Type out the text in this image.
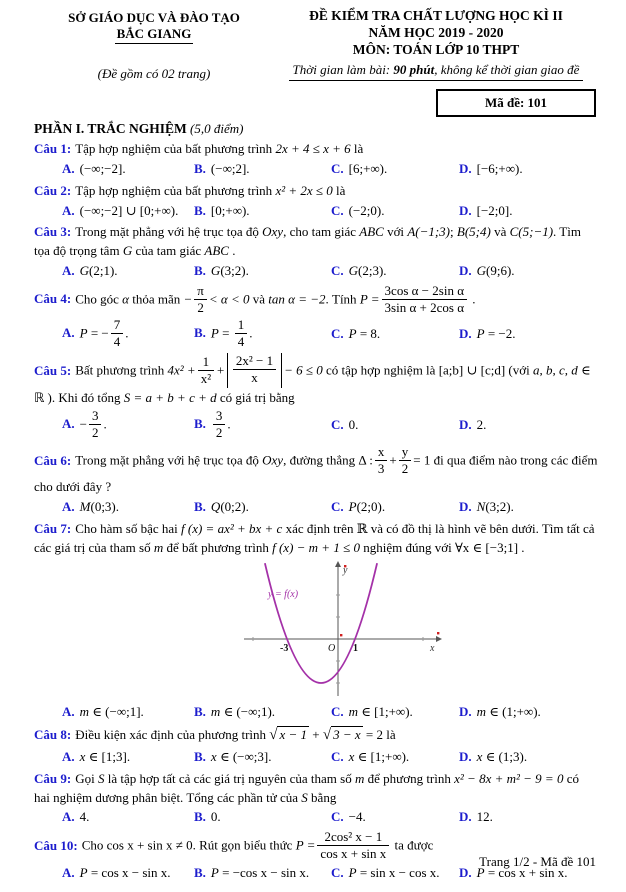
SỞ GIÁO DỤC VÀ ĐÀO TẠO
BẮC GIANG
(Đề gồm có 02 trang)
ĐỀ KIỂM TRA CHẤT LƯỢNG HỌC KÌ II
NĂM HỌC 2019 - 2020
MÔN: TOÁN LỚP 10 THPT
Thời gian làm bài: 90 phút, không kể thời gian giao đề
Mã đề: 101
PHẦN I. TRẮC NGHIỆM (5,0 điểm)

Câu 1: Tập hợp nghiệm của bất phương trình 2x + 4 ≤ x + 6 là

A. (−∞;−2].	B. (−∞;2].	C. [6;+∞).	D. [−6;+∞).

Câu 2: Tập hợp nghiệm của bất phương trình x² + 2x ≤ 0 là

A. (−∞;−2] ∪ [0;+∞).	B. [0;+∞).	C. (−2;0).	D. [−2;0].

Câu 3: Trong mặt phẳng với hệ trục tọa độ Oxy, cho tam giác ABC với A(−1;3); B(5;4) và C(5;−1). Tìm tọa độ trọng tâm G của tam giác ABC .

A. G(2;1).	B. G(3;2).	C. G(2;3).	D. G(9;6).

Câu 4: Cho góc α thỏa mãn − $\frac{\pi}{2} < \alpha < 0$ và tan α = −2. Tính $P = \frac{\text{3cos α − 2sin α}}{\text{3sin α + 2cos α}}$ .

A. P = − $\frac{7}{4}$ .	B. $P = \frac{1}{4}$ .	C. P = 8.	D. P = −2.

Câu 5: Bất phương trình $4x^2 + \frac{1}{\text{x²}} + \frac{\text{2x² − 1}}{x} - 6 \le 0$ có tập hợp nghiệm là [a;b] ∪ [c;d] (với a, b, c, d ∈ ℝ ). Khi đó tổng S = a + b + c + d có giá trị bằng

A. − $\frac{3}{2}$ .	B. $\frac{3}{2}$ .	C. 0.	D. 2.

Câu 6: Trong mặt phẳng với hệ trục tọa độ Oxy, đường thẳng Δ : $\frac{x}{3} + \frac{y}{2} = 1$ đi qua điểm nào trong các điểm cho dưới đây ?

A. M(0;3).	B. Q(0;2).	C. P(2;0).	D. N(3;2).

Câu 7: Cho hàm số bậc hai f (x) = ax² + bx + c xác định trên ℝ và có đồ thị là hình vẽ bên dưới. Tìm tất cả các giá trị của tham số m để bất phương trình f (x) − m + 1 ≤ 0 nghiệm đúng với ∀x ∈ [−3;1] .

y = f(x)
y
x
O
-3	1
A. m ∈ (−∞;1].	B. m ∈ (−∞;1).	C. m ∈ [1;+∞).	D. m ∈ (1;+∞).

Câu 8: Điều kiện xác định của phương trình √ x − 1 + √ 3 − x = 2 là

A. x ∈ [1;3].	B. x ∈ (−∞;3].	C. x ∈ [1;+∞).	D. x ∈ (1;3).

Câu 9: Gọi S là tập hợp tất cả các giá trị nguyên của tham số m để phương trình x² − 8x + m² − 9 = 0 có hai nghiệm dương phân biệt. Tổng các phần tử của S bằng

A. 4.	B. 0.	C. −4.	D. 12.

Câu 10: Cho cos x + sin x ≠ 0. Rút gọn biểu thức $P = \frac{\text{2cos² x − 1}}{\text{cos x + sin x}}$ ta được

A. P = cos x − sin x.	B. P = −cos x − sin x.	C. P = sin x − cos x.	D. P = cos x + sin x.
Trang 1/2 - Mã đề 101
